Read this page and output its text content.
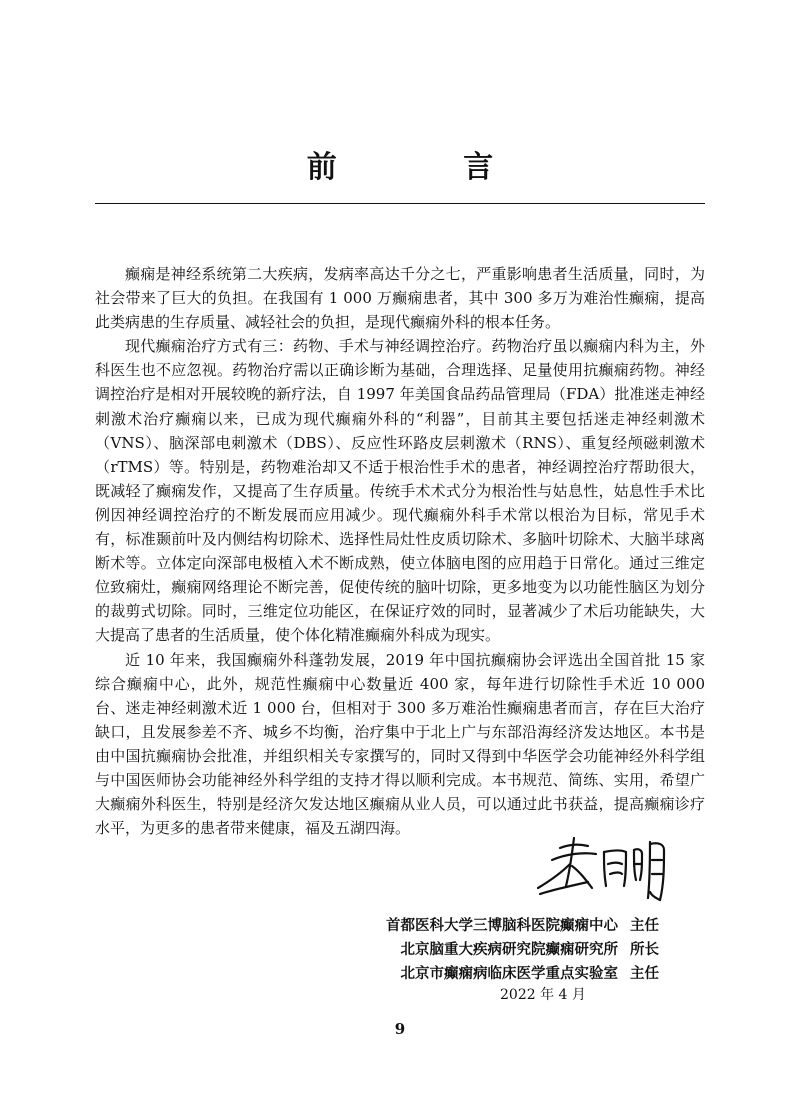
前 言

癫痫是神经系统第二大疾病，发病率高达千分之七，严重影响患者生活质量，同时，为社会带来了巨大的负担。在我国有 1 000 万癫痫患者，其中 300 多万为难治性癫痫，提高此类病患的生存质量、减轻社会的负担，是现代癫痫外科的根本任务。

现代癫痫治疗方式有三：药物、手术与神经调控治疗。药物治疗虽以癫痫内科为主，外科医生也不应忽视。药物治疗需以正确诊断为基础，合理选择、足量使用抗癫痫药物。神经调控治疗是相对开展较晚的新疗法，自 1997 年美国食品药品管理局（FDA）批准迷走神经刺激术治疗癫痫以来，已成为现代癫痫外科的“利器”，目前其主要包括迷走神经刺激术（VNS）、脑深部电刺激术（DBS）、反应性环路皮层刺激术（RNS）、重复经颅磁刺激术（rTMS）等。特别是，药物难治却又不适于根治性手术的患者，神经调控治疗帮助很大，既减轻了癫痫发作，又提高了生存质量。传统手术术式分为根治性与姑息性，姑息性手术比例因神经调控治疗的不断发展而应用减少。现代癫痫外科手术常以根治为目标，常见手术有，标准颞前叶及内侧结构切除术、选择性局灶性皮质切除术、多脑叶切除术、大脑半球离断术等。立体定向深部电极植入术不断成熟，使立体脑电图的应用趋于日常化。通过三维定位致痫灶，癫痫网络理论不断完善，促使传统的脑叶切除，更多地变为以功能性脑区为划分的裁剪式切除。同时，三维定位功能区，在保证疗效的同时，显著减少了术后功能缺失，大大提高了患者的生活质量，使个体化精准癫痫外科成为现实。

近 10 年来，我国癫痫外科蓬勃发展，2019 年中国抗癫痫协会评选出全国首批 15 家综合癫痫中心，此外，规范性癫痫中心数量近 400 家，每年进行切除性手术近 10 000 台、迷走神经刺激术近 1 000 台，但相对于 300 多万难治性癫痫患者而言，存在巨大治疗缺口，且发展参差不齐、城乡不均衡，治疗集中于北上广与东部沿海经济发达地区。本书是由中国抗癫痫协会批准，并组织相关专家撰写的，同时又得到中华医学会功能神经外科学组与中国医师协会功能神经外科学组的支持才得以顺利完成。本书规范、简练、实用，希望广大癫痫外科医生，特别是经济欠发达地区癫痫从业人员，可以通过此书获益，提高癫痫诊疗水平，为更多的患者带来健康，福及五湖四海。

首都医科大学三博脑科医院癫痫中心 主任
北京脑重大疾病研究院癫痫研究所 所长
北京市癫痫病临床医学重点实验室 主任
2022 年 4 月
9
